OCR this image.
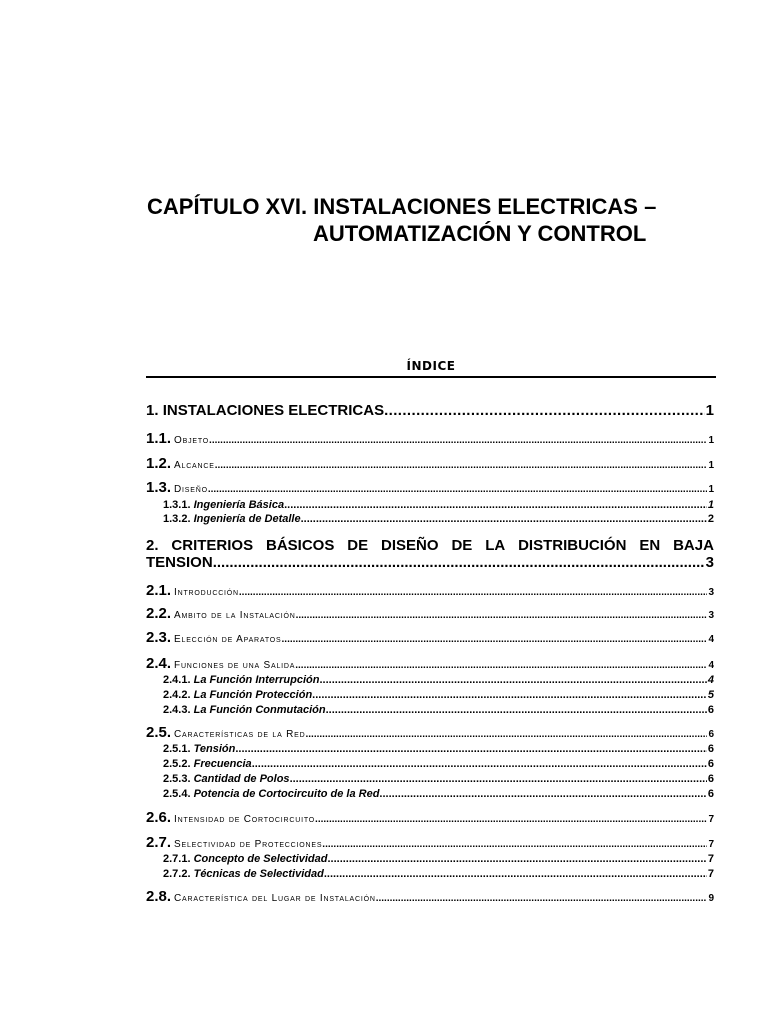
CAPÍTULO XVI. INSTALACIONES ELECTRICAS –
AUTOMATIZACIÓN Y CONTROL
ÍNDICE
1. INSTALACIONES ELECTRICAS .....	1
1.1. Objeto .....	1
1.2. Alcance .....	1
1.3. Diseño .....	1
1.3.1. Ingeniería Básica .....	1
1.3.2. Ingeniería de Detalle .....	2
2. CRITERIOS BÁSICOS DE DISEÑO DE LA DISTRIBUCIÓN EN BAJA
TENSION .....	3
2.1. Introducción .....	3
2.2. Ambito de la Instalación .....	3
2.3. Elección de Aparatos .....	4
2.4. Funciones de una Salida .....	4
2.4.1. La Función Interrupción .....	4
2.4.2. La Función Protección .....	5
2.4.3. La Función Conmutación .....	6
2.5. Características de la Red .....	6
2.5.1. Tensión .....	6
2.5.2. Frecuencia .....	6
2.5.3. Cantidad de Polos .....	6
2.5.4. Potencia de Cortocircuito de la Red .....	6
2.6. Intensidad de Cortocircuito .....	7
2.7. Selectividad de Protecciones .....	7
2.7.1. Concepto de Selectividad .....	7
2.7.2. Técnicas de Selectividad .....	7
2.8. Característica del Lugar de Instalación .....	9
